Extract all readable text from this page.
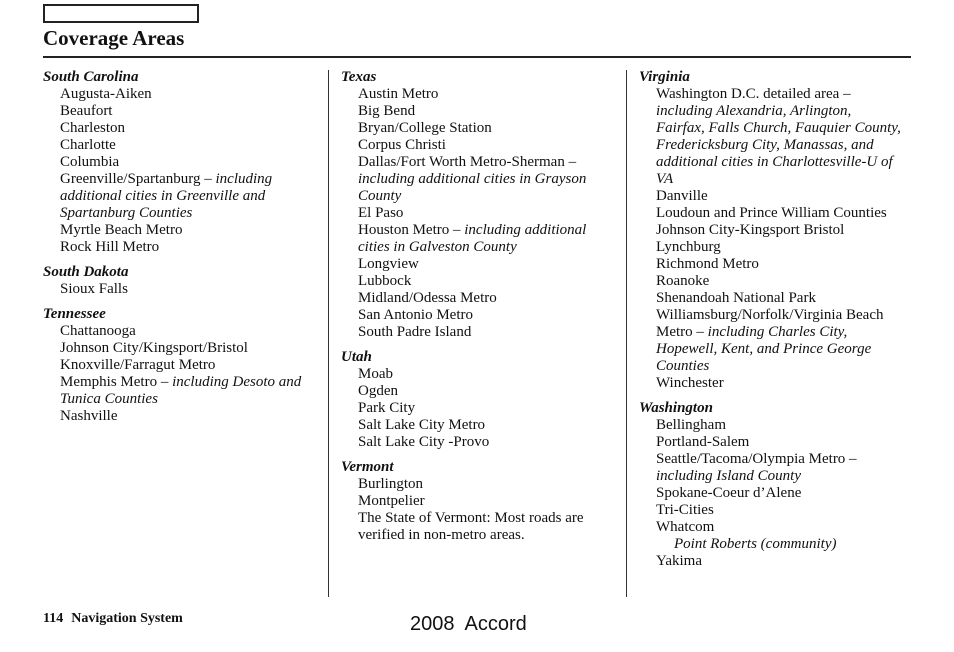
Coverage Areas
South Carolina
Augusta-Aiken
Beaufort
Charleston
Charlotte
Columbia
Greenville/Spartanburg – including additional cities in Greenville and Spartanburg Counties
Myrtle Beach Metro
Rock Hill Metro
South Dakota
Sioux Falls
Tennessee
Chattanooga
Johnson City/Kingsport/Bristol
Knoxville/Farragut Metro
Memphis Metro – including Desoto and Tunica Counties
Nashville
Texas
Austin Metro
Big Bend
Bryan/College Station
Corpus Christi
Dallas/Fort Worth Metro-Sherman – including additional cities in Grayson County
El Paso
Houston Metro – including additional cities in Galveston County
Longview
Lubbock
Midland/Odessa Metro
San Antonio Metro
South Padre Island
Utah
Moab
Ogden
Park City
Salt Lake City Metro
Salt Lake City -Provo
Vermont
Burlington
Montpelier
The State of Vermont: Most roads are verified in non-metro areas.
Virginia
Washington D.C. detailed area – including Alexandria, Arlington, Fairfax, Falls Church, Fauquier County, Fredericksburg City, Manassas, and additional cities in Charlottesville-U of VA
Danville
Loudoun and Prince William Counties
Johnson City-Kingsport Bristol
Lynchburg
Richmond Metro
Roanoke
Shenandoah National Park
Williamsburg/Norfolk/Virginia Beach Metro – including Charles City, Hopewell, Kent, and Prince George Counties
Winchester
Washington
Bellingham
Portland-Salem
Seattle/Tacoma/Olympia Metro – including Island County
Spokane-Coeur d’Alene
Tri-Cities
Whatcom
Point Roberts (community)
Yakima
114 Navigation System	2008  Accord
